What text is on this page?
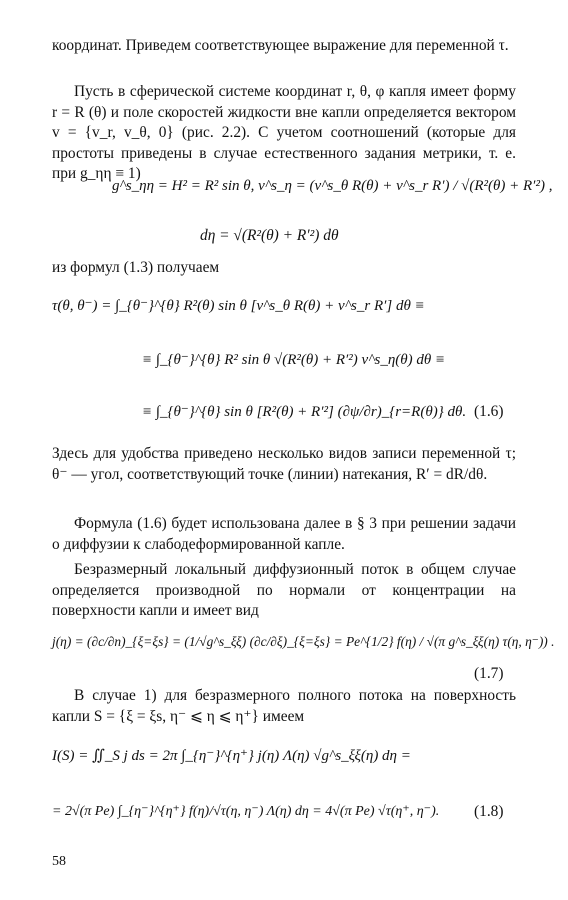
координат. Приведем соответствующее выражение для переменной τ.

Пусть в сферической системе координат r, θ, φ капля имеет форму r = R (θ) и поле скоростей жидкости вне капли определяется вектором v = {v_r, v_θ, 0} (рис. 2.2). С учетом соотношений (которые для простоты приведены в случае естественного задания метрики, т. е. при g_ηη ≡ 1)

g^s_ηη = H² = R² sin θ, v^s_η = (v^s_θ R(θ) + v^s_r R′) / √(R²(θ) + R′²) ,
dη = √(R²(θ) + R′²) dθ

из формул (1.3) получаем

τ(θ, θ⁻) = ∫_{θ⁻}^{θ} R²(θ) sin θ [v^s_θ R(θ) + v^s_r R′] dθ ≡
≡ ∫_{θ⁻}^{θ} R² sin θ √(R²(θ) + R′²) v^s_η(θ) dθ ≡
≡ ∫_{θ⁻}^{θ} sin θ [R²(θ) + R′²] (∂ψ/∂r)_{r=R(θ)} dθ. (1.6)

Здесь для удобства приведено несколько видов записи переменной τ; θ⁻ — угол, соответствующий точке (линии) натекания, R′ = dR/dθ.

Формула (1.6) будет использована далее в § 3 при решении задачи о диффузии к слабодеформированной капле.

Безразмерный локальный диффузионный поток в общем случае определяется производной по нормали от концентрации на поверхности капли и имеет вид

j(η) = (∂c/∂n)_{ξ=ξs} = (1/√g^s_ξξ) (∂c/∂ξ)_{ξ=ξs} = Pe^{1/2} f(η) / √(π g^s_ξξ(η) τ(η, η⁻)) .
(1.7)

В случае 1) для безразмерного полного потока на поверхность капли S = {ξ = ξs, η⁻ ⩽ η ⩽ η⁺} имеем

I(S) = ∬_S j ds = 2π ∫_{η⁻}^{η⁺} j(η) Λ(η) √g^s_ξξ(η) dη =
= 2√(π Pe) ∫_{η⁻}^{η⁺} f(η)/√τ(η, η⁻) Λ(η) dη = 4√(π Pe) √τ(η⁺, η⁻). (1.8)
58
